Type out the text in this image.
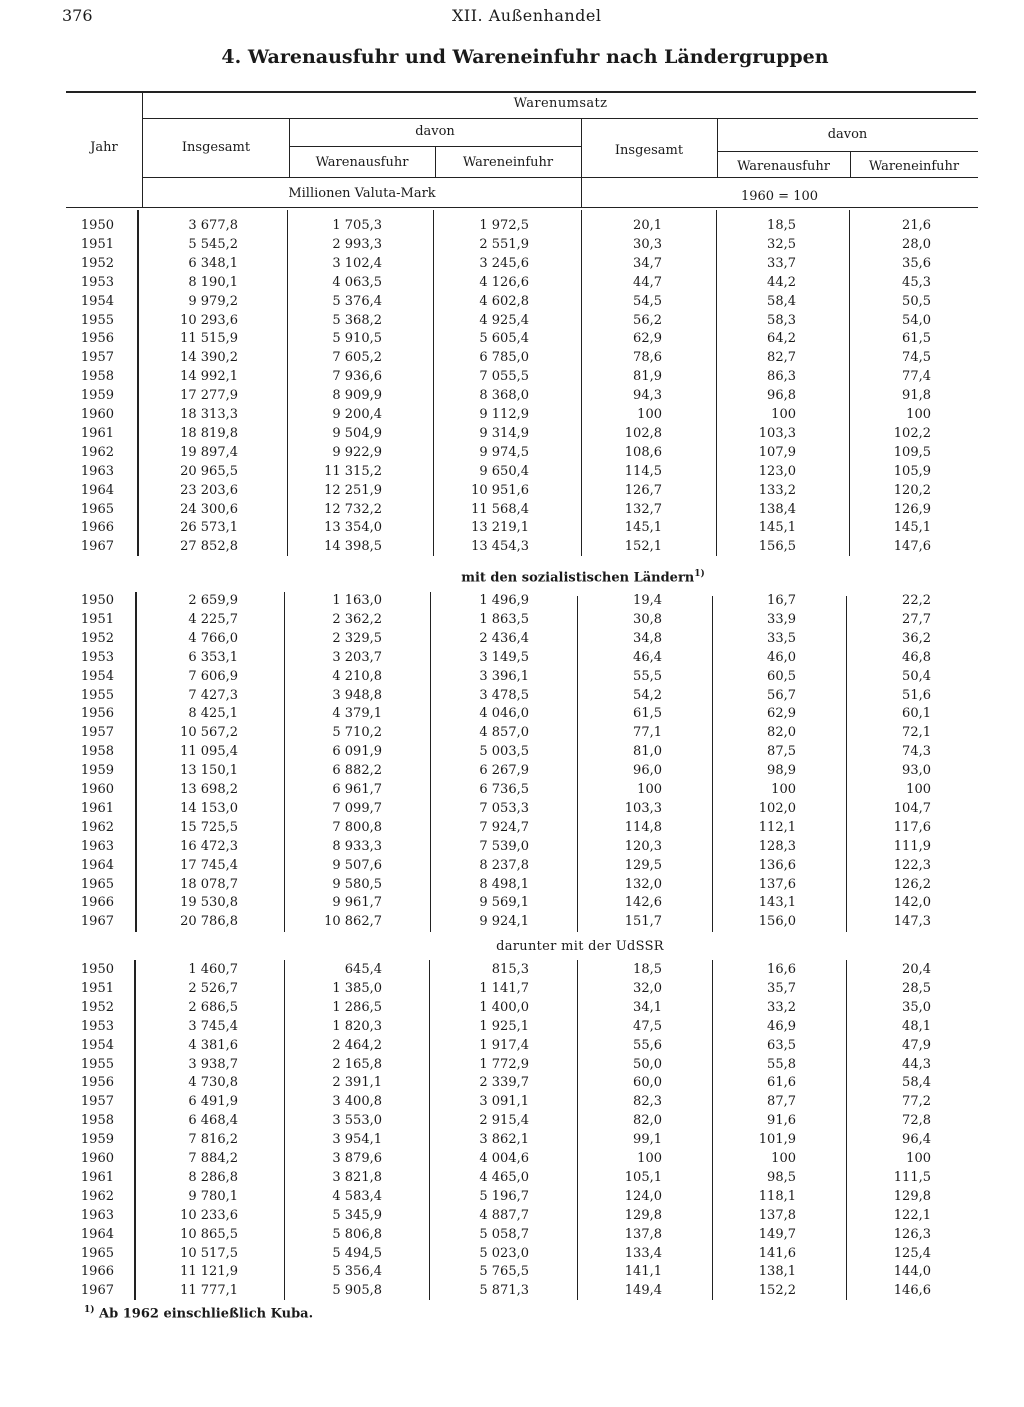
376	XII. Außenhandel
4. Warenausfuhr und Wareneinfuhr nach Ländergruppen
Jahr
Warenumsatz
Insgesamt
davon
Warenausfuhr	Wareneinfuhr
Insgesamt
davon
Warenausfuhr	Wareneinfuhr
Millionen Valuta-Mark	1960 = 100
mit den sozialistischen Ländern$^{1)}$
darunter mit der UdSSR
1950	3 677,8	1 705,3	1 972,5	20,1	18,5	21,6
1951	5 545,2	2 993,3	2 551,9	30,3	32,5	28,0
1952	6 348,1	3 102,4	3 245,6	34,7	33,7	35,6
1953	8 190,1	4 063,5	4 126,6	44,7	44,2	45,3
1954	9 979,2	5 376,4	4 602,8	54,5	58,4	50,5
1955	10 293,6	5 368,2	4 925,4	56,2	58,3	54,0
1956	11 515,9	5 910,5	5 605,4	62,9	64,2	61,5
1957	14 390,2	7 605,2	6 785,0	78,6	82,7	74,5
1958	14 992,1	7 936,6	7 055,5	81,9	86,3	77,4
1959	17 277,9	8 909,9	8 368,0	94,3	96,8	91,8
1960	18 313,3	9 200,4	9 112,9	100	100	100
1961	18 819,8	9 504,9	9 314,9	102,8	103,3	102,2
1962	19 897,4	9 922,9	9 974,5	108,6	107,9	109,5
1963	20 965,5	11 315,2	9 650,4	114,5	123,0	105,9
1964	23 203,6	12 251,9	10 951,6	126,7	133,2	120,2
1965	24 300,6	12 732,2	11 568,4	132,7	138,4	126,9
1966	26 573,1	13 354,0	13 219,1	145,1	145,1	145,1
1967	27 852,8	14 398,5	13 454,3	152,1	156,5	147,6
1950	2 659,9	1 163,0	1 496,9	19,4	16,7	22,2
1951	4 225,7	2 362,2	1 863,5	30,8	33,9	27,7
1952	4 766,0	2 329,5	2 436,4	34,8	33,5	36,2
1953	6 353,1	3 203,7	3 149,5	46,4	46,0	46,8
1954	7 606,9	4 210,8	3 396,1	55,5	60,5	50,4
1955	7 427,3	3 948,8	3 478,5	54,2	56,7	51,6
1956	8 425,1	4 379,1	4 046,0	61,5	62,9	60,1
1957	10 567,2	5 710,2	4 857,0	77,1	82,0	72,1
1958	11 095,4	6 091,9	5 003,5	81,0	87,5	74,3
1959	13 150,1	6 882,2	6 267,9	96,0	98,9	93,0
1960	13 698,2	6 961,7	6 736,5	100	100	100
1961	14 153,0	7 099,7	7 053,3	103,3	102,0	104,7
1962	15 725,5	7 800,8	7 924,7	114,8	112,1	117,6
1963	16 472,3	8 933,3	7 539,0	120,3	128,3	111,9
1964	17 745,4	9 507,6	8 237,8	129,5	136,6	122,3
1965	18 078,7	9 580,5	8 498,1	132,0	137,6	126,2
1966	19 530,8	9 961,7	9 569,1	142,6	143,1	142,0
1967	20 786,8	10 862,7	9 924,1	151,7	156,0	147,3
1950	1 460,7	645,4	815,3	18,5	16,6	20,4
1951	2 526,7	1 385,0	1 141,7	32,0	35,7	28,5
1952	2 686,5	1 286,5	1 400,0	34,1	33,2	35,0
1953	3 745,4	1 820,3	1 925,1	47,5	46,9	48,1
1954	4 381,6	2 464,2	1 917,4	55,6	63,5	47,9
1955	3 938,7	2 165,8	1 772,9	50,0	55,8	44,3
1956	4 730,8	2 391,1	2 339,7	60,0	61,6	58,4
1957	6 491,9	3 400,8	3 091,1	82,3	87,7	77,2
1958	6 468,4	3 553,0	2 915,4	82,0	91,6	72,8
1959	7 816,2	3 954,1	3 862,1	99,1	101,9	96,4
1960	7 884,2	3 879,6	4 004,6	100	100	100
1961	8 286,8	3 821,8	4 465,0	105,1	98,5	111,5
1962	9 780,1	4 583,4	5 196,7	124,0	118,1	129,8
1963	10 233,6	5 345,9	4 887,7	129,8	137,8	122,1
1964	10 865,5	5 806,8	5 058,7	137,8	149,7	126,3
1965	10 517,5	5 494,5	5 023,0	133,4	141,6	125,4
1966	11 121,9	5 356,4	5 765,5	141,1	138,1	144,0
1967	11 777,1	5 905,8	5 871,3	149,4	152,2	146,6
$^{1)}$ Ab 1962 einschließlich Kuba.
